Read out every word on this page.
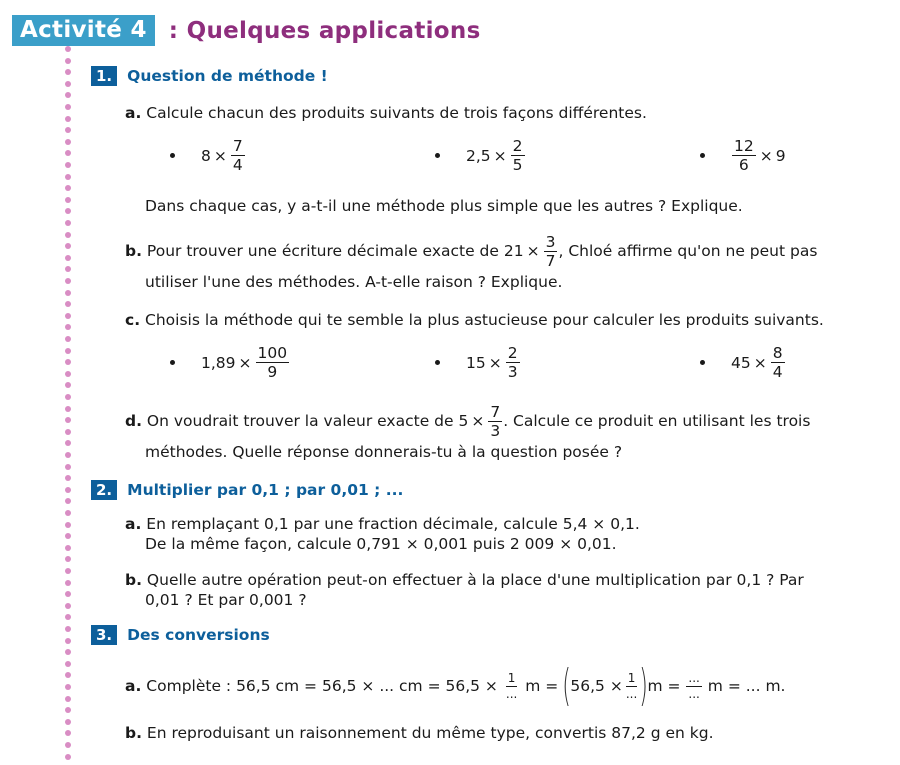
Activité 4 : Quelques applications
1. Question de méthode !
a. Calcule chacun des produits suivants de trois façons différentes.
$8 \times \frac{7}{4}$	$2,5 \times \frac{2}{5}$	$\frac{12}{6} \times 9$
Dans chaque cas, y a-t-il une méthode plus simple que les autres ? Explique.
b. Pour trouver une écriture décimale exacte de $21 \times \frac{3}{7}$ , Chloé affirme qu'on ne peut pas
utiliser l'une des méthodes. A-t-elle raison ? Explique.
c. Choisis la méthode qui te semble la plus astucieuse pour calculer les produits suivants.
$1,89 \times \frac{100}{9}$	$15 \times \frac{2}{3}$	$45 \times \frac{8}{4}$
d. On voudrait trouver la valeur exacte de $5 \times \frac{7}{3}$ . Calcule ce produit en utilisant les trois
méthodes. Quelle réponse donnerais-tu à la question posée ?
2. Multiplier par 0,1 ; par 0,01 ; ...
a. En remplaçant 0,1 par une fraction décimale, calcule 5,4 × 0,1.
De la même façon, calcule 0,791 × 0,001 puis 2 009 × 0,01.
b. Quelle autre opération peut-on effectuer à la place d'une multiplication par 0,1 ? Par
0,01 ? Et par 0,001 ?
3. Des conversions
a.
Complète : 56,5 cm = 56,5 × ... cm = 56,5 ×
$\frac{1}{...}$
m =
( $56,5 \times \frac{1}{...}$ ) m =
$\frac{...}{...}$
m = ... m.
b. En reproduisant un raisonnement du même type, convertis 87,2 g en kg.
